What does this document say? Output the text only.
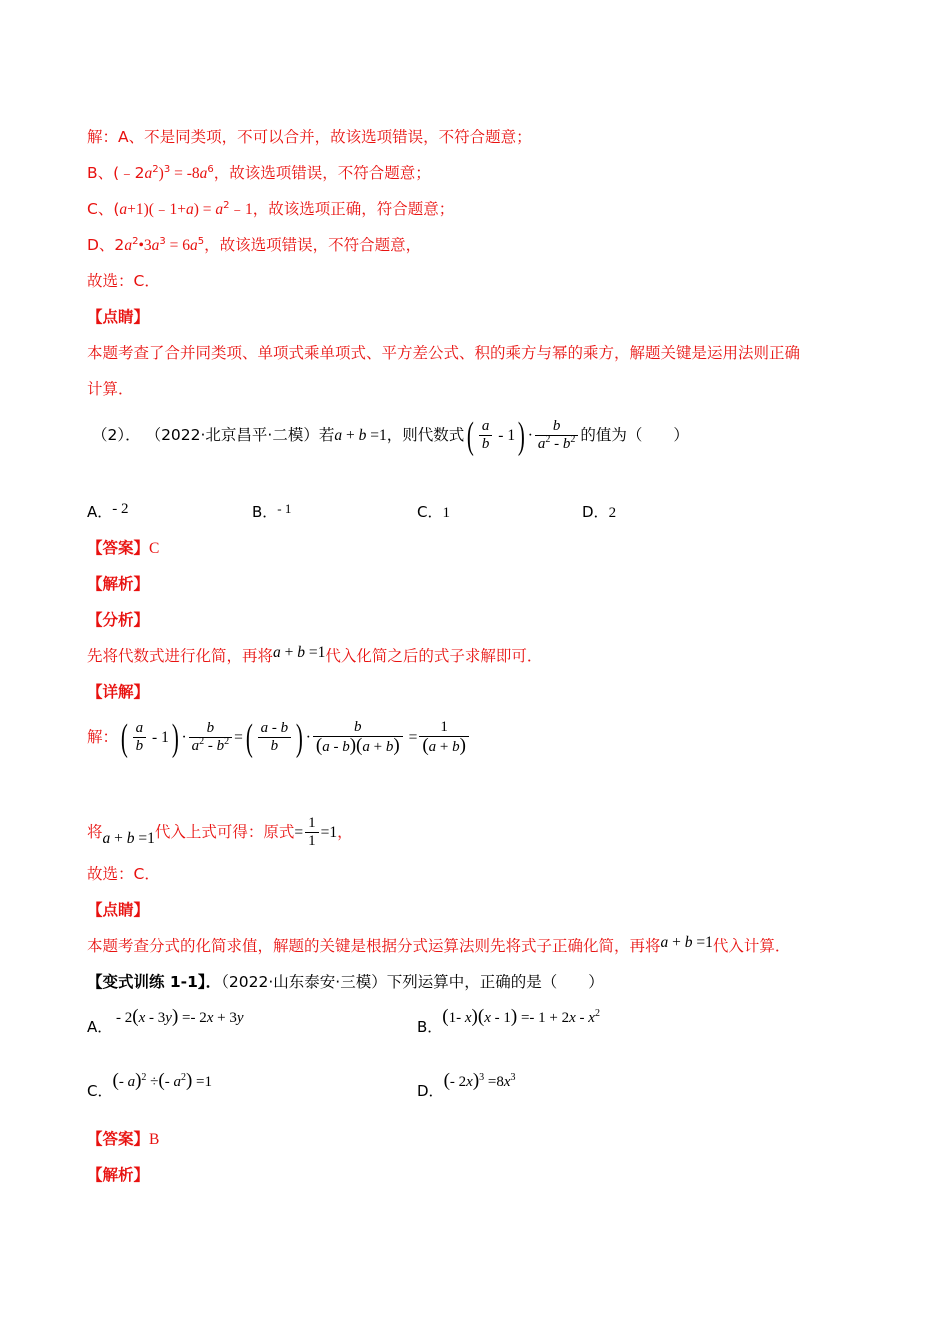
解：A、不是同类项，不可以合并，故该选项错误，不符合题意；
B、$(﹣2a^2)^3 = -8a^6$，故该选项错误，不符合题意；
C、(a+1)(﹣1+a) = $a^2﹣1$，故该选项正确，符合题意；
D、$2a^2•3a^3 = 6a^5$，故该选项错误，不符合题意，
故选：C．
【点睛】
本题考查了合并同类项、单项式乘单项式、平方差公式、积的乘方与幂的乘方，解题关键是运用法则正确
计算．
（2）． （2022·北京昌平·二模）若a + b =1，则代数式( $\frac{a}{b} - 1) \cdot \frac{b}{a^2 - b^2}$ 的值为（　　）
A．- 2	B．- 1	C．1	D．2
【答案】C
【解析】
【分析】
先将代数式进行化简，再将a + b =1代入化简之后的式子求解即可．
【详解】
解：( $\frac{a}{b} - 1) \cdot \frac{b}{a^2 - b^2}$ =( $\frac{a - b}{b}$ ) · $\frac{b}{(a - b)(a + b)} = \frac{1}{(a + b)}$
将a + b =1代入上式可得：原式= $\frac{1}{1} =1$，
故选：C．
【点睛】
本题考查分式的化简求值，解题的关键是根据分式运算法则先将式子正确化简，再将a + b =1代入计算．
【变式训练 1-1】．（2022·山东泰安·三模）下列运算中，正确的是（　　）
A． - 2(x - 3y) =- 2x + 3y	B．(1- $x)(x - 1) =- 1 + 2x - x^2$
C．(- a)$^2$ ÷(- $a^2) =1$	D．(- $2x)^3 =8x^3$
【答案】B
【解析】
